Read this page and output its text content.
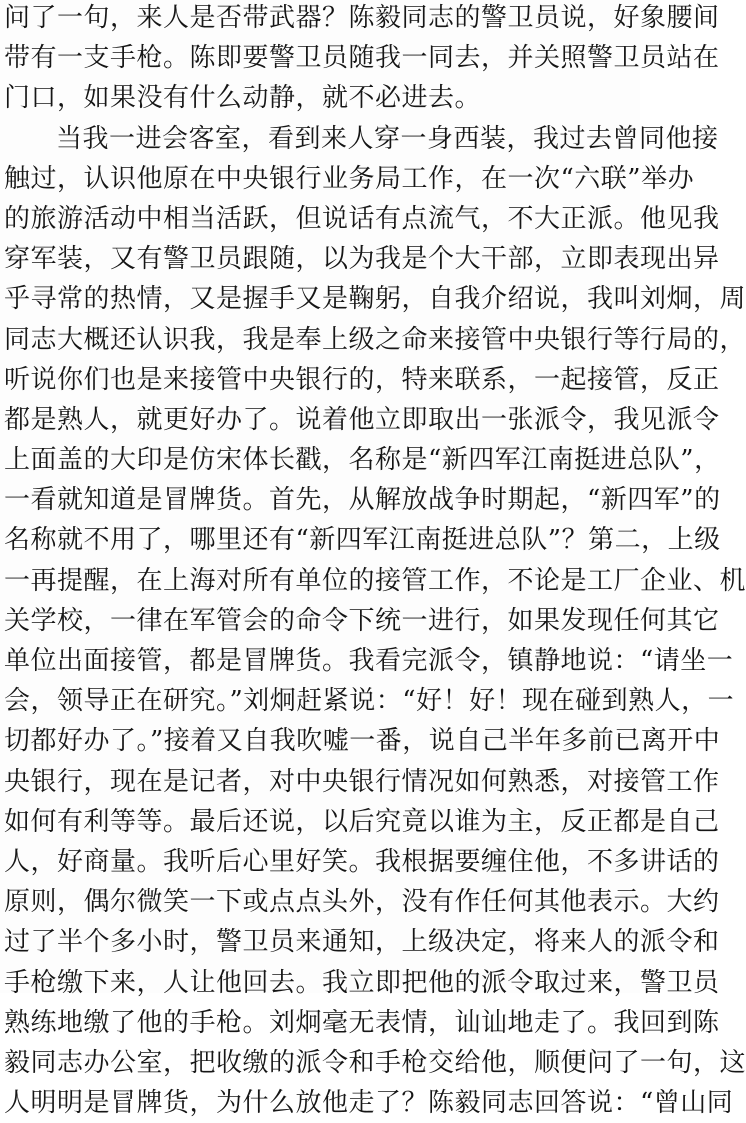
问了一句，来人是否带武器？陈毅同志的警卫员说，好象腰间
带有一支手枪。陈即要警卫员随我一同去，并关照警卫员站在
门口，如果没有什么动静，就不必进去。
当我一进会客室，看到来人穿一身西装，我过去曾同他接
触过，认识他原在中央银行业务局工作，在一次“六联”举办
的旅游活动中相当活跃，但说话有点流气，不大正派。他见我
穿军装，又有警卫员跟随，以为我是个大干部，立即表现出异
乎寻常的热情，又是握手又是鞠躬，自我介绍说，我叫刘炯，周
同志大概还认识我，我是奉上级之命来接管中央银行等行局的，
听说你们也是来接管中央银行的，特来联系，一起接管，反正
都是熟人，就更好办了。说着他立即取出一张派令，我见派令
上面盖的大印是仿宋体长戳，名称是“新四军江南挺进总队”，
一看就知道是冒牌货。首先，从解放战争时期起，“新四军”的
名称就不用了，哪里还有“新四军江南挺进总队”？第二，上级
一再提醒，在上海对所有单位的接管工作，不论是工厂企业、机
关学校，一律在军管会的命令下统一进行，如果发现任何其它
单位出面接管，都是冒牌货。我看完派令，镇静地说：“请坐一
会，领导正在研究。”刘炯赶紧说：“好！好！现在碰到熟人，一
切都好办了。”接着又自我吹嘘一番，说自己半年多前已离开中
央银行，现在是记者，对中央银行情况如何熟悉，对接管工作
如何有利等等。最后还说，以后究竟以谁为主，反正都是自己
人，好商量。我听后心里好笑。我根据要缠住他，不多讲话的
原则，偶尔微笑一下或点点头外，没有作任何其他表示。大约
过了半个多小时，警卫员来通知，上级决定，将来人的派令和
手枪缴下来，人让他回去。我立即把他的派令取过来，警卫员
熟练地缴了他的手枪。刘炯毫无表情，讪讪地走了。我回到陈
毅同志办公室，把收缴的派令和手枪交给他，顺便问了一句，这
人明明是冒牌货，为什么放他走了？陈毅同志回答说：“曾山同
